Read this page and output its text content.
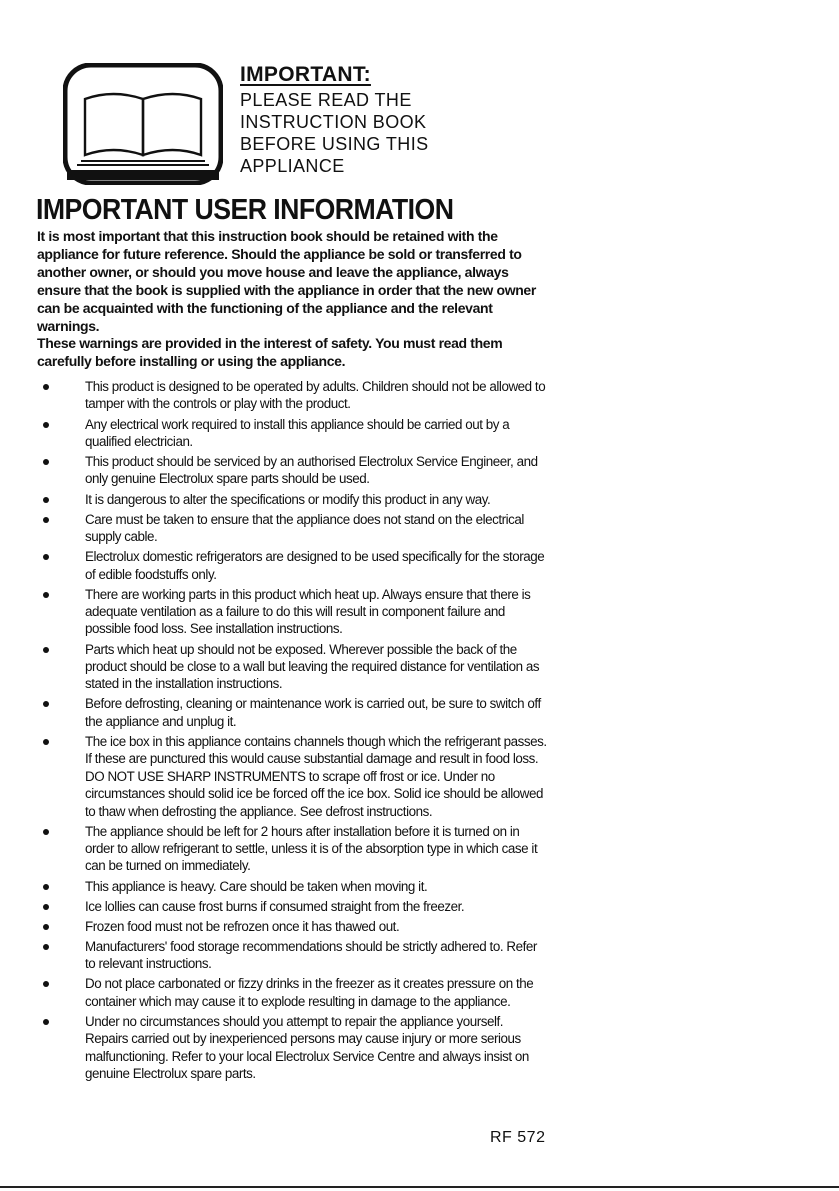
IMPORTANT:
PLEASE READ THE
INSTRUCTION BOOK
BEFORE USING THIS
APPLIANCE
IMPORTANT USER INFORMATION

It is most important that this instruction book should be retained with the appliance for future reference. Should the appliance be sold or transferred to another owner, or should you move house and leave the appliance, always ensure that the book is supplied with the appliance in order that the new owner can be acquainted with the functioning of the appliance and the relevant warnings.

These warnings are provided in the interest of safety. You must read them carefully before installing or using the appliance.

This product is designed to be operated by adults. Children should not be allowed to tamper with the controls or play with the product.
Any electrical work required to install this appliance should be carried out by a qualified electrician.
This product should be serviced by an authorised Electrolux Service Engineer, and only genuine Electrolux spare parts should be used.
It is dangerous to alter the specifications or modify this product in any way.
Care must be taken to ensure that the appliance does not stand on the electrical supply cable.
Electrolux domestic refrigerators are designed to be used specifically for the storage of edible foodstuffs only.
There are working parts in this product which heat up. Always ensure that there is adequate ventilation as a failure to do this will result in component failure and possible food loss. See installation instructions.
Parts which heat up should not be exposed. Wherever possible the back of the product should be close to a wall but leaving the required distance for ventilation as stated in the installation instructions.
Before defrosting, cleaning or maintenance work is carried out, be sure to switch off the appliance and unplug it.
The ice box in this appliance contains channels though which the refrigerant passes. If these are punctured this would cause substantial damage and result in food loss. DO NOT USE SHARP INSTRUMENTS to scrape off frost or ice. Under no circumstances should solid ice be forced off the ice box. Solid ice should be allowed to thaw when defrosting the appliance. See defrost instructions.
The appliance should be left for 2 hours after installation before it is turned on in order to allow refrigerant to settle, unless it is of the absorption type in which case it can be turned on immediately.
This appliance is heavy. Care should be taken when moving it.
Ice lollies can cause frost burns if consumed straight from the freezer.
Frozen food must not be refrozen once it has thawed out.
Manufacturers' food storage recommendations should be strictly adhered to. Refer to relevant instructions.
Do not place carbonated or fizzy drinks in the freezer as it creates pressure on the container which may cause it to explode resulting in damage to the appliance.
Under no circumstances should you attempt to repair the appliance yourself. Repairs carried out by inexperienced persons may cause injury or more serious malfunctioning. Refer to your local Electrolux Service Centre and always insist on genuine Electrolux spare parts.
RF 572
